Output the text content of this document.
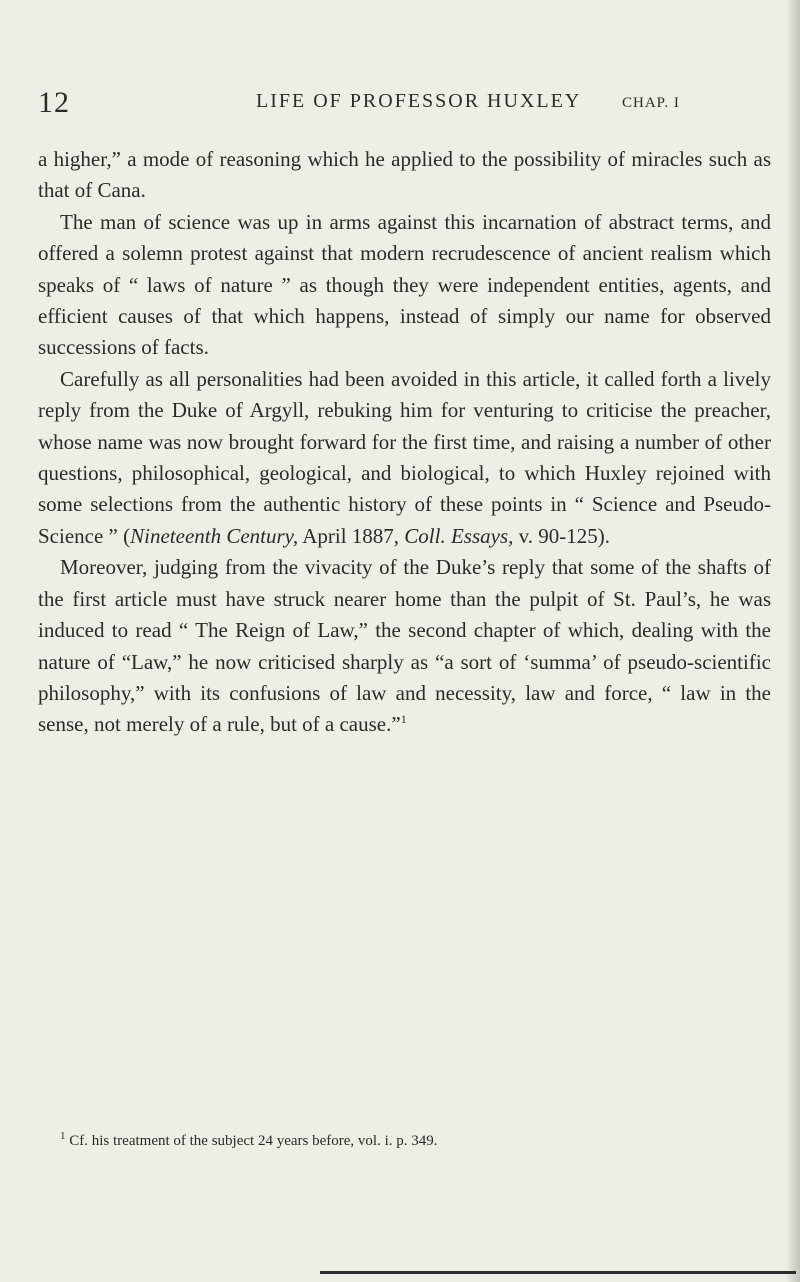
12	LIFE OF PROFESSOR HUXLEY	CHAP. I

a higher,” a mode of reasoning which he applied to the possibility of miracles such as that of Cana.

The man of science was up in arms against this incarnation of abstract terms, and offered a solemn protest against that modern recrudescence of ancient realism which speaks of “ laws of nature ” as though they were independent entities, agents, and efficient causes of that which happens, instead of simply our name for observed successions of facts.

Carefully as all personalities had been avoided in this article, it called forth a lively reply from the Duke of Argyll, rebuking him for venturing to criticise the preacher, whose name was now brought forward for the first time, and raising a number of other questions, philosophical, geological, and biological, to which Huxley rejoined with some selections from the authentic history of these points in “ Science and Pseudo-Science ” (Nineteenth Century, April 1887, Coll. Essays, v. 90-125).

Moreover, judging from the vivacity of the Duke’s reply that some of the shafts of the first article must have struck nearer home than the pulpit of St. Paul’s, he was induced to read “ The Reign of Law,” the second chapter of which, dealing with the nature of “Law,” he now criticised sharply as “a sort of ‘summa’ of pseudo-scientific philosophy,” with its confusions of law and necessity, law and force, “ law in the sense, not merely of a rule, but of a cause.”$^1$

$^1$ Cf. his treatment of the subject 24 years before, vol. i. p. 349.
